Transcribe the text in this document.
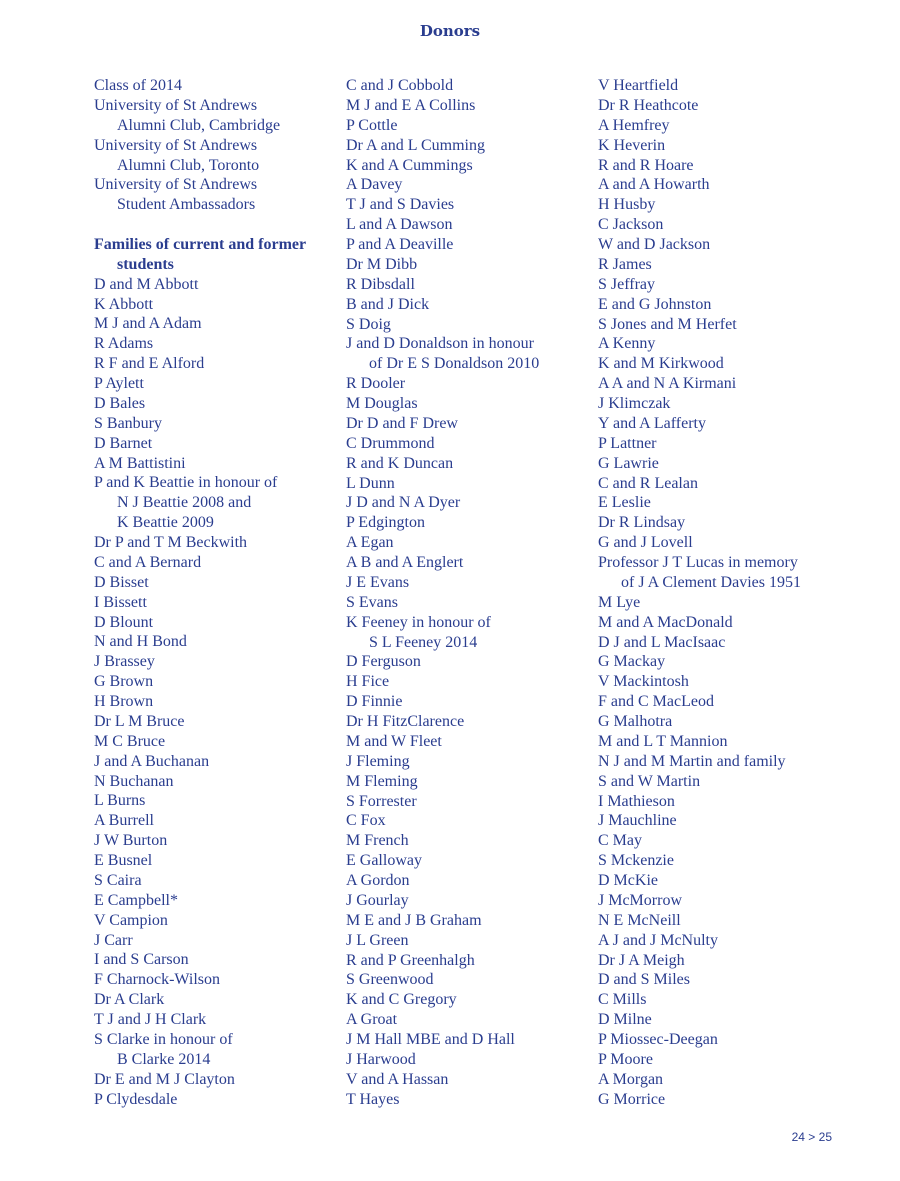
Donors
Class of 2014
University of St Andrews

Alumni Club, Cambridge
University of St Andrews

Alumni Club, Toronto
University of St Andrews

Student Ambassadors
Families of current and former

students
D and M Abbott
K Abbott
M J and A Adam
R Adams
R F and E Alford
P Aylett
D Bales
S Banbury
D Barnet
A M Battistini
P and K Beattie in honour of

N J Beattie 2008 and
K Beattie 2009
Dr P and T M Beckwith
C and A Bernard
D Bisset
I Bissett
D Blount
N and H Bond
J Brassey
G Brown
H Brown
Dr L M Bruce
M C Bruce
J and A Buchanan
N Buchanan
L Burns
A Burrell
J W Burton
E Busnel
S Caira
E Campbell*
V Campion
J Carr
I and S Carson
F Charnock-Wilson
Dr A Clark
T J and J H Clark
S Clarke in honour of

B Clarke 2014
Dr E and M J Clayton
P Clydesdale
C and J Cobbold
M J and E A Collins
P Cottle
Dr A and L Cumming
K and A Cummings
A Davey
T J and S Davies
L and A Dawson
P and A Deaville
Dr M Dibb
R Dibsdall
B and J Dick
S Doig
J and D Donaldson in honour

of Dr E S Donaldson 2010
R Dooler
M Douglas
Dr D and F Drew
C Drummond
R and K Duncan
L Dunn
J D and N A Dyer
P Edgington
A Egan
A B and A Englert
J E Evans
S Evans
K Feeney in honour of

S L Feeney 2014
D Ferguson
H Fice
D Finnie
Dr H FitzClarence
M and W Fleet
J Fleming
M Fleming
S Forrester
C Fox
M French
E Galloway
A Gordon
J Gourlay
M E and J B Graham
J L Green
R and P Greenhalgh
S Greenwood
K and C Gregory
A Groat
J M Hall MBE and D Hall
J Harwood
V and A Hassan
T Hayes
V Heartfield
Dr R Heathcote
A Hemfrey
K Heverin
R and R Hoare
A and A Howarth
H Husby
C Jackson
W and D Jackson
R James
S Jeffray
E and G Johnston
S Jones and M Herfet
A Kenny
K and M Kirkwood
A A and N A Kirmani
J Klimczak
Y and A Lafferty
P Lattner
G Lawrie
C and R Lealan
E Leslie
Dr R Lindsay
G and J Lovell
Professor J T Lucas in memory

of J A Clement Davies 1951
M Lye
M and A MacDonald
D J and L MacIsaac
G Mackay
V Mackintosh
F and C MacLeod
G Malhotra
M and L T Mannion
N J and M Martin and family
S and W Martin
I Mathieson
J Mauchline
C May
S Mckenzie
D McKie
J McMorrow
N E McNeill
A J and J McNulty
Dr J A Meigh
D and S Miles
C Mills
D Milne
P Miossec-Deegan
P Moore
A Morgan
G Morrice
24 > 25
